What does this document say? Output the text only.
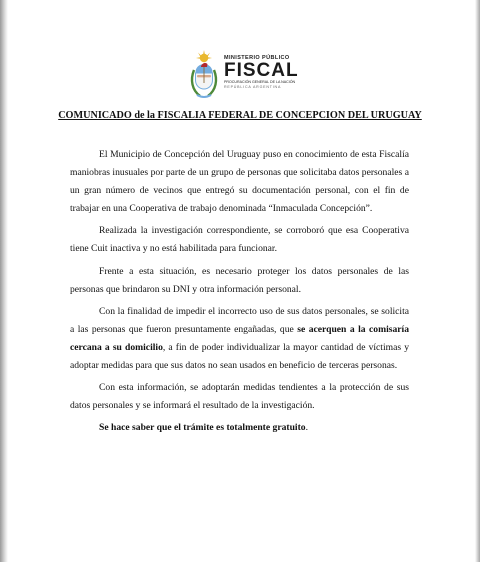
MINISTERIO PÚBLICO
FISCAL
PROCURACIÓN GENERAL DE LA NACIÓN
REPÚBLICA ARGENTINA
COMUNICADO de la FISCALIA FEDERAL DE CONCEPCION DEL URUGUAY

El Municipio de Concepción del Uruguay puso en conocimiento de esta Fiscalía maniobras inusuales por parte de un grupo de personas que solicitaba datos personales a un gran número de vecinos que entregó su documentación personal, con el fin de trabajar en una Cooperativa de trabajo denominada “Inmaculada Concepción”.

Realizada la investigación correspondiente, se corroboró que esa Cooperativa tiene Cuit inactiva y no está habilitada para funcionar.

Frente a esta situación, es necesario proteger los datos personales de las personas que brindaron su DNI y otra información personal.

Con la finalidad de impedir el incorrecto uso de sus datos personales, se solicita a las personas que fueron presuntamente engañadas, que se acerquen a la comisaría cercana a su domicilio, a fin de poder individualizar la mayor cantidad de víctimas y adoptar medidas para que sus datos no sean usados en beneficio de terceras personas.

Con esta información, se adoptarán medidas tendientes a la protección de sus datos personales y se informará el resultado de la investigación.

Se hace saber que el trámite es totalmente gratuito.
